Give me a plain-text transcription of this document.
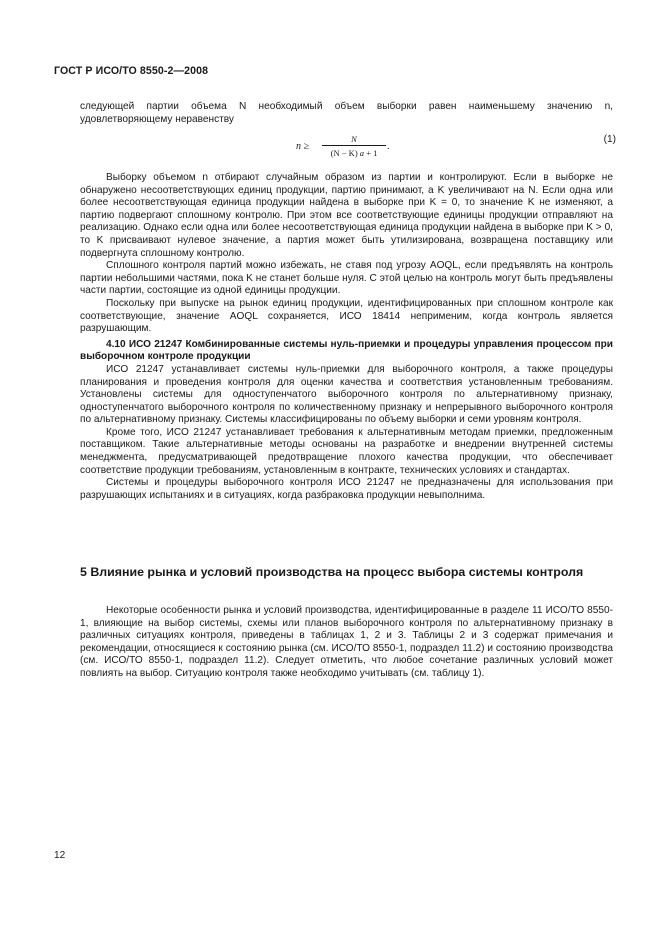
ГОСТ Р ИСО/ТО 8550-2—2008

следующей партии объема N необходимый объем выборки равен наименьшему значению n, удовлетворяющему неравенству

n ≥
N
(N − K) a + 1
.
(1)

Выборку объемом n отбирают случайным образом из партии и контролируют. Если в выборке не обнаружено несоответствующих единиц продукции, партию принимают, а K увеличивают на N. Если одна или более несоответствующая единица продукции найдена в выборке при K = 0, то значение K не изменяют, а партию подвергают сплошному контролю. При этом все соответствующие единицы продукции отправляют на реализацию. Однако если одна или более несоответствующая единица продукции найдена в выборке при K > 0, то K присваивают нулевое значение, а партия может быть утилизирована, возвращена поставщику или подвергнута сплошному контролю.

Сплошного контроля партий можно избежать, не ставя под угрозу AOQL, если предъявлять на контроль партии небольшими частями, пока K не станет больше нуля. С этой целью на контроль могут быть предъявлены части партии, состоящие из одной единицы продукции.

Поскольку при выпуске на рынок единиц продукции, идентифицированных при сплошном контроле как соответствующие, значение AOQL сохраняется, ИСО 18414 неприменим, когда контроль является разрушающим.

4.10 ИСО 21247 Комбинированные системы нуль-приемки и процедуры управления процессом при выборочном контроле продукции

ИСО 21247 устанавливает системы нуль-приемки для выборочного контроля, а также процедуры планирования и проведения контроля для оценки качества и соответствия установленным требованиям. Установлены системы для одноступенчатого выборочного контроля по альтернативному признаку, одноступенчатого выборочного контроля по количественному признаку и непрерывного выборочного контроля по альтернативному признаку. Системы классифицированы по объему выборки и семи уровням контроля.

Кроме того, ИСО 21247 устанавливает требования к альтернативным методам приемки, предложенным поставщиком. Такие альтернативные методы основаны на разработке и внедрении внутренней системы менеджмента, предусматривающей предотвращение плохого качества продукции, что обеспечивает соответствие продукции требованиям, установленным в контракте, технических условиях и стандартах.

Системы и процедуры выборочного контроля ИСО 21247 не предназначены для использования при разрушающих испытаниях и в ситуациях, когда разбраковка продукции невыполнима.

5 Влияние рынка и условий производства на процесс выбора системы контроля

Некоторые особенности рынка и условий производства, идентифицированные в разделе 11 ИСО/ТО 8550-1, влияющие на выбор системы, схемы или планов выборочного контроля по альтернативному признаку в различных ситуациях контроля, приведены в таблицах 1, 2 и 3. Таблицы 2 и 3 содержат примечания и рекомендации, относящиеся к состоянию рынка (см. ИСО/ТО 8550-1, подраздел 11.2) и состоянию производства (см. ИСО/ТО 8550-1, подраздел 11.2). Следует отметить, что любое сочетание различных условий может повлиять на выбор. Ситуацию контроля также необходимо учитывать (см. таблицу 1).

12
